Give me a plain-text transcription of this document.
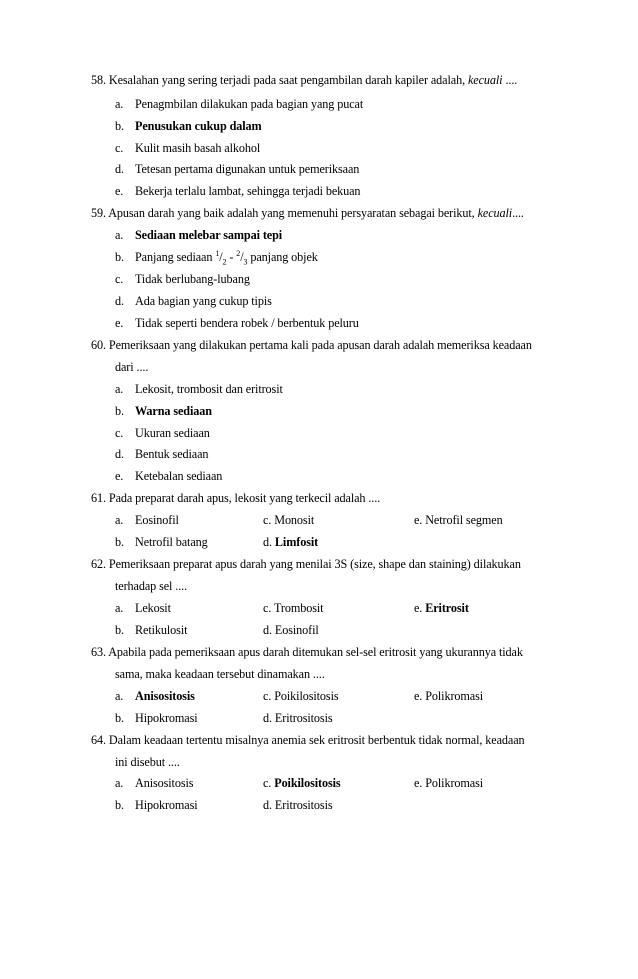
58. Kesalahan yang sering terjadi pada saat pengambilan darah kapiler adalah, kecuali ....
a. Penagmbilan dilakukan pada bagian yang pucat
b. Penusukan cukup dalam
c. Kulit masih basah alkohol
d. Tetesan pertama digunakan untuk pemeriksaan
e. Bekerja terlalu lambat, sehingga terjadi bekuan
59. Apusan darah yang baik adalah yang memenuhi persyaratan sebagai berikut, kecuali....
a. Sediaan melebar sampai tepi
b. Panjang sediaan $^1/_2 - ^2/_3$ panjang objek
c. Tidak berlubang-lubang
d. Ada bagian yang cukup tipis
e. Tidak seperti bendera robek / berbentuk peluru
60. Pemeriksaan yang dilakukan pertama kali pada apusan darah adalah memeriksa keadaan
dari ....
a. Lekosit, trombosit dan eritrosit
b. Warna sediaan
c. Ukuran sediaan
d. Bentuk sediaan
e. Ketebalan sediaan
61. Pada preparat darah apus, lekosit yang terkecil adalah ....
a. Eosinofil	c. Monosit	e. Netrofil segmen
b. Netrofil batang	d. Limfosit
62. Pemeriksaan preparat apus darah yang menilai 3S (size, shape dan staining) dilakukan
terhadap sel ....
a. Lekosit	c. Trombosit	e. Eritrosit
b. Retikulosit	d. Eosinofil
63. Apabila pada pemeriksaan apus darah ditemukan sel-sel eritrosit yang ukurannya tidak
sama, maka keadaan tersebut dinamakan ....
a. Anisositosis	c. Poikilositosis	e. Polikromasi
b. Hipokromasi	d. Eritrositosis
64. Dalam keadaan tertentu misalnya anemia sek eritrosit berbentuk tidak normal, keadaan
ini disebut ....
a. Anisositosis	c. Poikilositosis	e. Polikromasi
b. Hipokromasi	d. Eritrositosis
